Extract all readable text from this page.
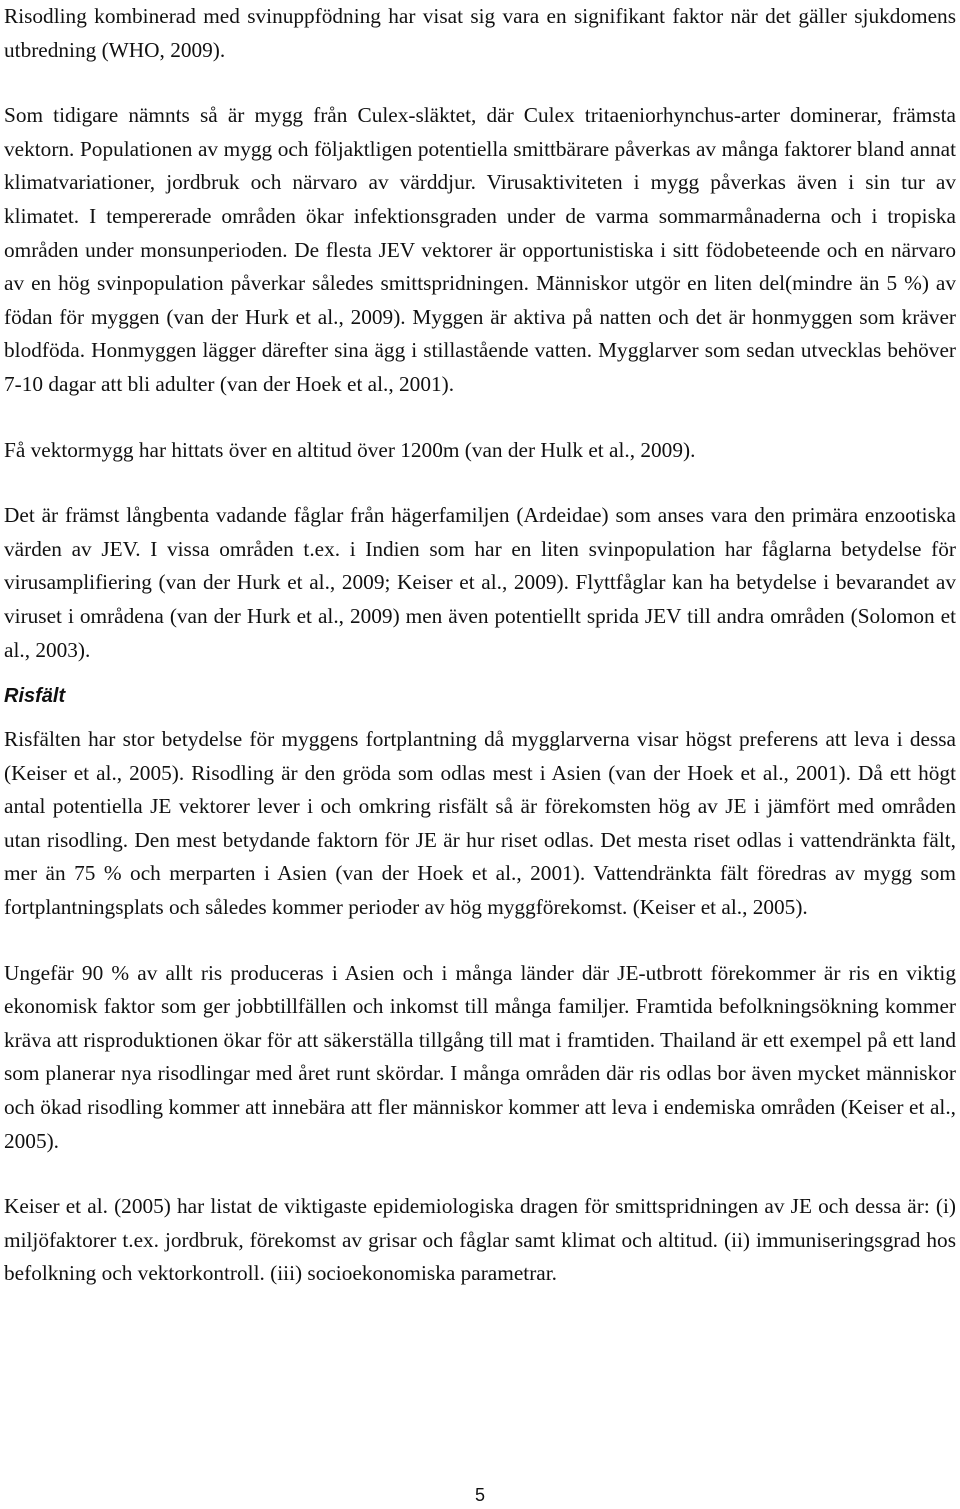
Risodling kombinerad med svinuppfödning har visat sig vara en signifikant faktor när det gäller sjukdomens utbredning (WHO, 2009).

Som tidigare nämnts så är mygg från Culex-släktet, där Culex tritaeniorhynchus-arter dominerar, främsta vektorn. Populationen av mygg och följaktligen potentiella smittbärare påverkas av många faktorer bland annat klimatvariationer, jordbruk och närvaro av värddjur. Virusaktiviteten i mygg påverkas även i sin tur av klimatet. I tempererade områden ökar infektionsgraden under de varma sommarmånaderna och i tropiska områden under monsunperioden. De flesta JEV vektorer är opportunistiska i sitt födobeteende och en närvaro av en hög svinpopulation påverkar således smittspridningen. Människor utgör en liten del(mindre än 5 %) av födan för myggen (van der Hurk et al., 2009). Myggen är aktiva på natten och det är honmyggen som kräver blodföda. Honmyggen lägger därefter sina ägg i stillastående vatten. Mygglarver som sedan utvecklas behöver 7-10 dagar att bli adulter (van der Hoek et al., 2001).

Få vektormygg har hittats över en altitud över 1200m (van der Hulk et al., 2009).

Det är främst långbenta vadande fåglar från hägerfamiljen (Ardeidae) som anses vara den primära enzootiska värden av JEV. I vissa områden t.ex. i Indien som har en liten svinpopulation har fåglarna betydelse för virusamplifiering (van der Hurk et al., 2009; Keiser et al., 2009). Flyttfåglar kan ha betydelse i bevarandet av viruset i områdena (van der Hurk et al., 2009) men även potentiellt sprida JEV till andra områden (Solomon et al., 2003).

Risfält

Risfälten har stor betydelse för myggens fortplantning då mygglarverna visar högst preferens att leva i dessa (Keiser et al., 2005). Risodling är den gröda som odlas mest i Asien (van der Hoek et al., 2001). Då ett högt antal potentiella JE vektorer lever i och omkring risfält så är förekomsten hög av JE i jämfört med områden utan risodling. Den mest betydande faktorn för JE är hur riset odlas. Det mesta riset odlas i vattendränkta fält, mer än 75 % och merparten i Asien (van der Hoek et al., 2001). Vattendränkta fält föredras av mygg som fortplantningsplats och således kommer perioder av hög myggförekomst. (Keiser et al., 2005).

Ungefär 90 % av allt ris produceras i Asien och i många länder där JE-utbrott förekommer är ris en viktig ekonomisk faktor som ger jobbtillfällen och inkomst till många familjer. Framtida befolkningsökning kommer kräva att risproduktionen ökar för att säkerställa tillgång till mat i framtiden. Thailand är ett exempel på ett land som planerar nya risodlingar med året runt skördar. I många områden där ris odlas bor även mycket människor och ökad risodling kommer att innebära att fler människor kommer att leva i endemiska områden (Keiser et al., 2005).

Keiser et al. (2005) har listat de viktigaste epidemiologiska dragen för smittspridningen av JE och dessa är: (i) miljöfaktorer t.ex. jordbruk, förekomst av grisar och fåglar samt klimat och altitud. (ii) immuniseringsgrad hos befolkning och vektorkontroll. (iii) socioekonomiska parametrar.

5
